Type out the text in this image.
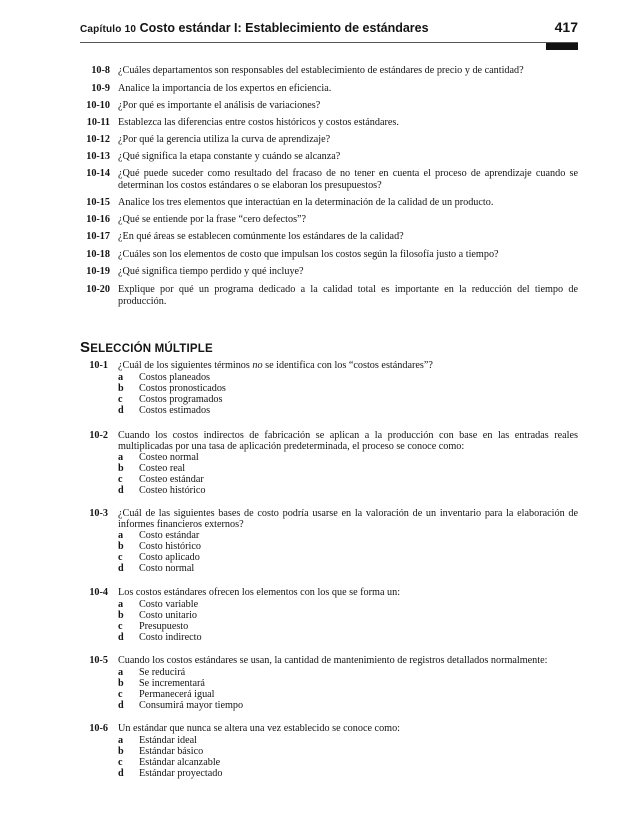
Capítulo 10 Costo estándar I: Establecimiento de estándares	417
10-8 ¿Cuáles departamentos son responsables del establecimiento de estándares de precio y de cantidad?
10-9 Analice la importancia de los expertos en eficiencia.
10-10 ¿Por qué es importante el análisis de variaciones?
10-11 Establezca las diferencias entre costos históricos y costos estándares.
10-12 ¿Por qué la gerencia utiliza la curva de aprendizaje?
10-13 ¿Qué significa la etapa constante y cuándo se alcanza?
10-14 ¿Qué puede suceder como resultado del fracaso de no tener en cuenta el proceso de aprendizaje cuando se determinan los costos estándares o se elaboran los presupuestos?
10-15 Analice los tres elementos que interactúan en la determinación de la calidad de un producto.
10-16 ¿Qué se entiende por la frase “cero defectos”?
10-17 ¿En qué áreas se establecen comúnmente los estándares de la calidad?
10-18 ¿Cuáles son los elementos de costo que impulsan los costos según la filosofía justo a tiempo?
10-19 ¿Qué significa tiempo perdido y qué incluye?
10-20 Explique por qué un programa dedicado a la calidad total es importante en la reducción del tiempo de producción.
SELECCIÓN MÚLTIPLE
10-1 ¿Cuál de los siguientes términos no se identifica con los “costos estándares”?
a Costos planeados
b Costos pronosticados
c Costos programados
d Costos estimados
10-2 Cuando los costos indirectos de fabricación se aplican a la producción con base en las entradas reales multiplicadas por una tasa de aplicación predeterminada, el proceso se conoce como:
a Costeo normal
b Costeo real
c Costeo estándar
d Costeo histórico
10-3 ¿Cuál de las siguientes bases de costo podría usarse en la valoración de un inventario para la elaboración de informes financieros externos?
a Costo estándar
b Costo histórico
c Costo aplicado
d Costo normal
10-4 Los costos estándares ofrecen los elementos con los que se forma un:
a Costo variable
b Costo unitario
c Presupuesto
d Costo indirecto
10-5 Cuando los costos estándares se usan, la cantidad de mantenimiento de registros detallados normalmente:
a Se reducirá
b Se incrementará
c Permanecerá igual
d Consumirá mayor tiempo
10-6 Un estándar que nunca se altera una vez establecido se conoce como:
a Estándar ideal
b Estándar básico
c Estándar alcanzable
d Estándar proyectado
